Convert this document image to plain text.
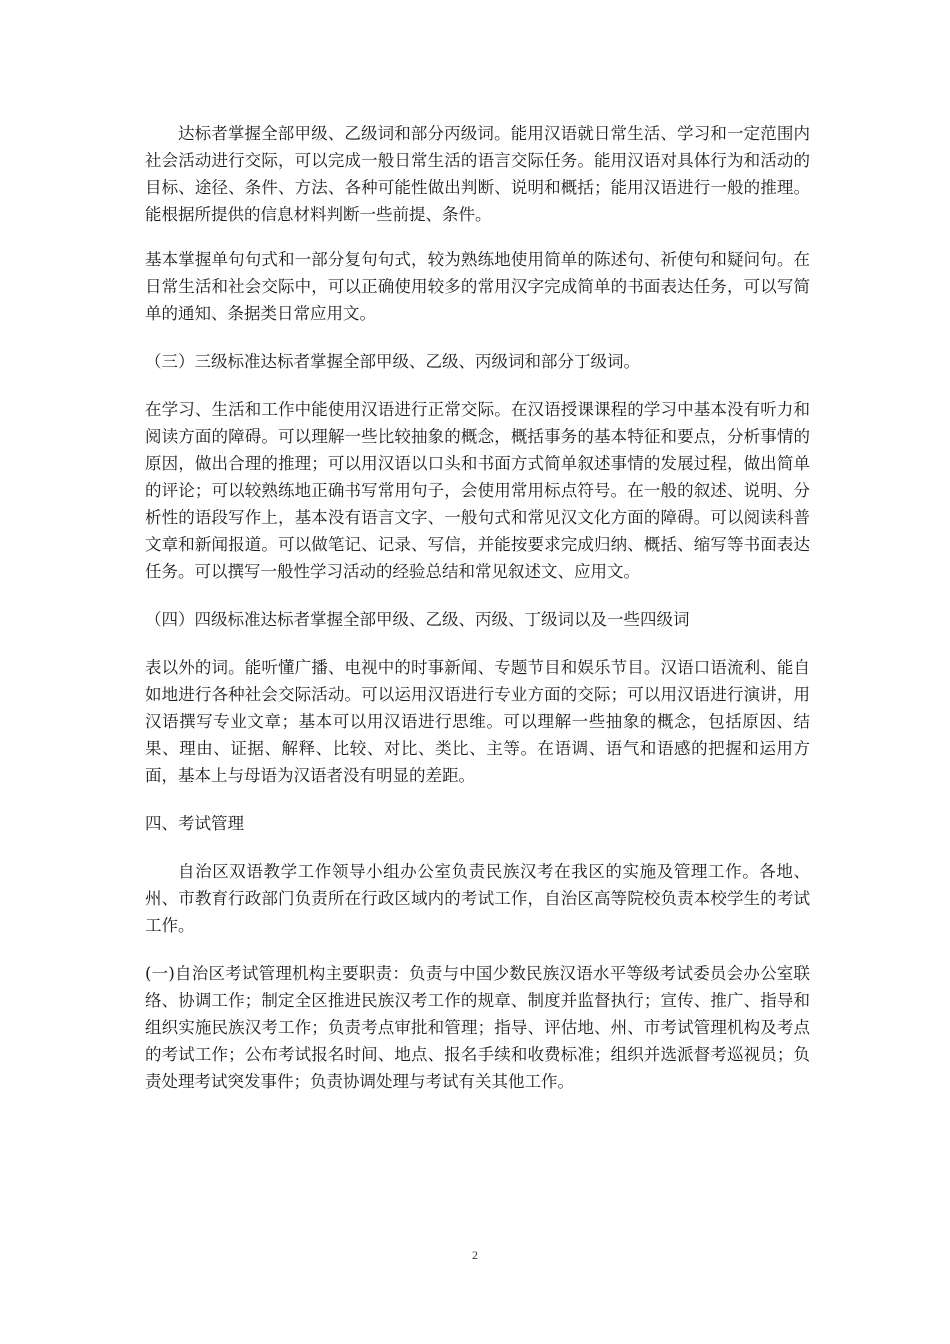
达标者掌握全部甲级、乙级词和部分丙级词。能用汉语就日常生活、学习和一定范围内社会活动进行交际，可以完成一般日常生活的语言交际任务。能用汉语对具体行为和活动的目标、途径、条件、方法、各种可能性做出判断、说明和概括；能用汉语进行一般的推理。能根据所提供的信息材料判断一些前提、条件。

基本掌握单句句式和一部分复句句式，较为熟练地使用简单的陈述句、祈使句和疑问句。在日常生活和社会交际中，可以正确使用较多的常用汉字完成简单的书面表达任务，可以写简单的通知、条据类日常应用文。

（三）三级标准达标者掌握全部甲级、乙级、丙级词和部分丁级词。

在学习、生活和工作中能使用汉语进行正常交际。在汉语授课课程的学习中基本没有听力和阅读方面的障碍。可以理解一些比较抽象的概念，概括事务的基本特征和要点，分析事情的原因，做出合理的推理；可以用汉语以口头和书面方式简单叙述事情的发展过程，做出简单的评论；可以较熟练地正确书写常用句子，会使用常用标点符号。在一般的叙述、说明、分析性的语段写作上，基本没有语言文字、一般句式和常见汉文化方面的障碍。可以阅读科普文章和新闻报道。可以做笔记、记录、写信，并能按要求完成归纳、概括、缩写等书面表达任务。可以撰写一般性学习活动的经验总结和常见叙述文、应用文。

（四）四级标准达标者掌握全部甲级、乙级、丙级、丁级词以及一些四级词

表以外的词。能听懂广播、电视中的时事新闻、专题节目和娱乐节目。汉语口语流利、能自如地进行各种社会交际活动。可以运用汉语进行专业方面的交际；可以用汉语进行演讲，用汉语撰写专业文章；基本可以用汉语进行思维。可以理解一些抽象的概念，包括原因、结果、理由、证据、解释、比较、对比、类比、主等。在语调、语气和语感的把握和运用方面，基本上与母语为汉语者没有明显的差距。

四、考试管理

自治区双语教学工作领导小组办公室负责民族汉考在我区的实施及管理工作。各地、州、市教育行政部门负责所在行政区域内的考试工作，自治区高等院校负责本校学生的考试工作。

(一)自治区考试管理机构主要职责：负责与中国少数民族汉语水平等级考试委员会办公室联络、协调工作；制定全区推进民族汉考工作的规章、制度并监督执行；宣传、推广、指导和组织实施民族汉考工作；负责考点审批和管理；指导、评估地、州、市考试管理机构及考点的考试工作；公布考试报名时间、地点、报名手续和收费标准；组织并选派督考巡视员；负责处理考试突发事件；负责协调处理与考试有关其他工作。

2
